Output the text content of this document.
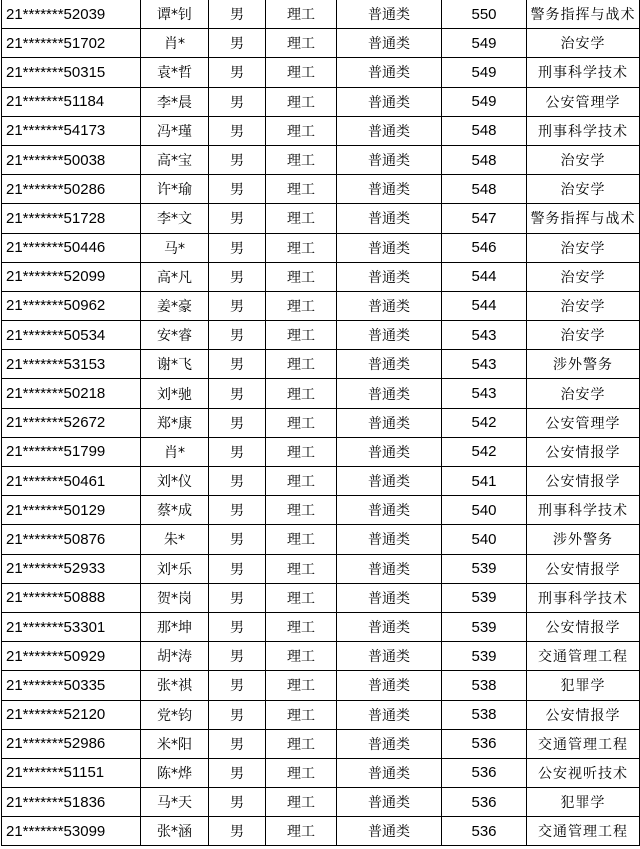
21*******52039	谭*钊	男	理工	普通类	550	警务指挥与战术
21*******51702	肖*	男	理工	普通类	549	治安学
21*******50315	袁*哲	男	理工	普通类	549	刑事科学技术
21*******51184	李*晨	男	理工	普通类	549	公安管理学
21*******54173	冯*瑾	男	理工	普通类	548	刑事科学技术
21*******50038	高*宝	男	理工	普通类	548	治安学
21*******50286	许*瑜	男	理工	普通类	548	治安学
21*******51728	李*文	男	理工	普通类	547	警务指挥与战术
21*******50446	马*	男	理工	普通类	546	治安学
21*******52099	高*凡	男	理工	普通类	544	治安学
21*******50962	姜*豪	男	理工	普通类	544	治安学
21*******50534	安*睿	男	理工	普通类	543	治安学
21*******53153	谢*飞	男	理工	普通类	543	涉外警务
21*******50218	刘*驰	男	理工	普通类	543	治安学
21*******52672	郑*康	男	理工	普通类	542	公安管理学
21*******51799	肖*	男	理工	普通类	542	公安情报学
21*******50461	刘*仪	男	理工	普通类	541	公安情报学
21*******50129	蔡*成	男	理工	普通类	540	刑事科学技术
21*******50876	朱*	男	理工	普通类	540	涉外警务
21*******52933	刘*乐	男	理工	普通类	539	公安情报学
21*******50888	贺*岗	男	理工	普通类	539	刑事科学技术
21*******53301	那*坤	男	理工	普通类	539	公安情报学
21*******50929	胡*涛	男	理工	普通类	539	交通管理工程
21*******50335	张*祺	男	理工	普通类	538	犯罪学
21*******52120	党*钧	男	理工	普通类	538	公安情报学
21*******52986	米*阳	男	理工	普通类	536	交通管理工程
21*******51151	陈*烨	男	理工	普通类	536	公安视听技术
21*******51836	马*天	男	理工	普通类	536	犯罪学
21*******53099	张*涵	男	理工	普通类	536	交通管理工程
